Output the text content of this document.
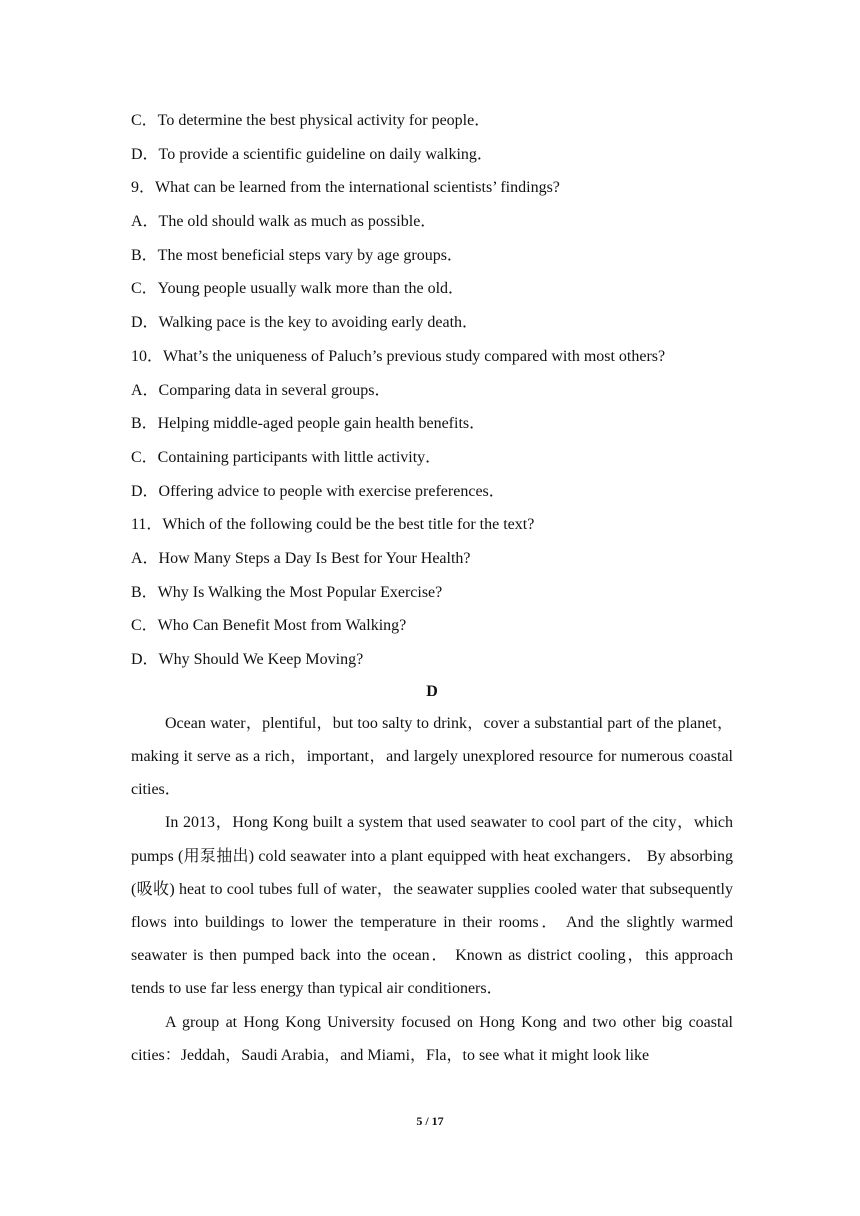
C．To determine the best physical activity for people．
D．To provide a scientific guideline on daily walking．
9．What can be learned from the international scientists’ findings?
A．The old should walk as much as possible．
B．The most beneficial steps vary by age groups．
C．Young people usually walk more than the old．
D．Walking pace is the key to avoiding early death．
10．What’s the uniqueness of Paluch’s previous study compared with most others?
A．Comparing data in several groups．
B．Helping middle-aged people gain health benefits．
C．Containing participants with little activity．
D．Offering advice to people with exercise preferences．
11．Which of the following could be the best title for the text?
A．How Many Steps a Day Is Best for Your Health?
B．Why Is Walking the Most Popular Exercise?
C．Who Can Benefit Most from Walking?
D．Why Should We Keep Moving?
D

Ocean water，plentiful，but too salty to drink，cover a substantial part of the planet，making it serve as a rich，important，and largely unexplored resource for numerous coastal cities．

In 2013，Hong Kong built a system that used seawater to cool part of the city，which pumps (用泵抽出) cold seawater into a plant equipped with heat exchangers． By absorbing (吸收) heat to cool tubes full of water，the seawater supplies cooled water that subsequently flows into buildings to lower the temperature in their rooms． And the slightly warmed seawater is then pumped back into the ocean． Known as district cooling，this approach tends to use far less energy than typical air conditioners．

A group at Hong Kong University focused on Hong Kong and two other big coastal cities：Jeddah，Saudi Arabia，and Miami，Fla，to see what it might look like

5 / 17
